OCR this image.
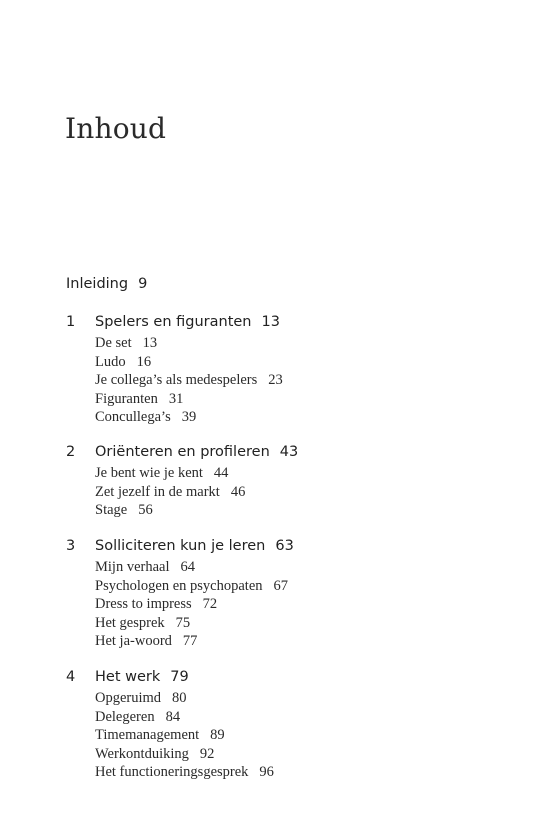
Inhoud
Inleiding 9
1 Spelers en figuranten 13
De set 13
Ludo 16
Je collega’s als medespelers 23
Figuranten 31
Concullega’s 39
2 Oriënteren en profileren 43
Je bent wie je kent 44
Zet jezelf in de markt 46
Stage 56
3 Solliciteren kun je leren 63
Mijn verhaal 64
Psychologen en psychopaten 67
Dress to impress 72
Het gesprek 75
Het ja-woord 77
4 Het werk 79
Opgeruimd 80
Delegeren 84
Timemanagement 89
Werkontduiking 92
Het functioneringsgesprek 96
